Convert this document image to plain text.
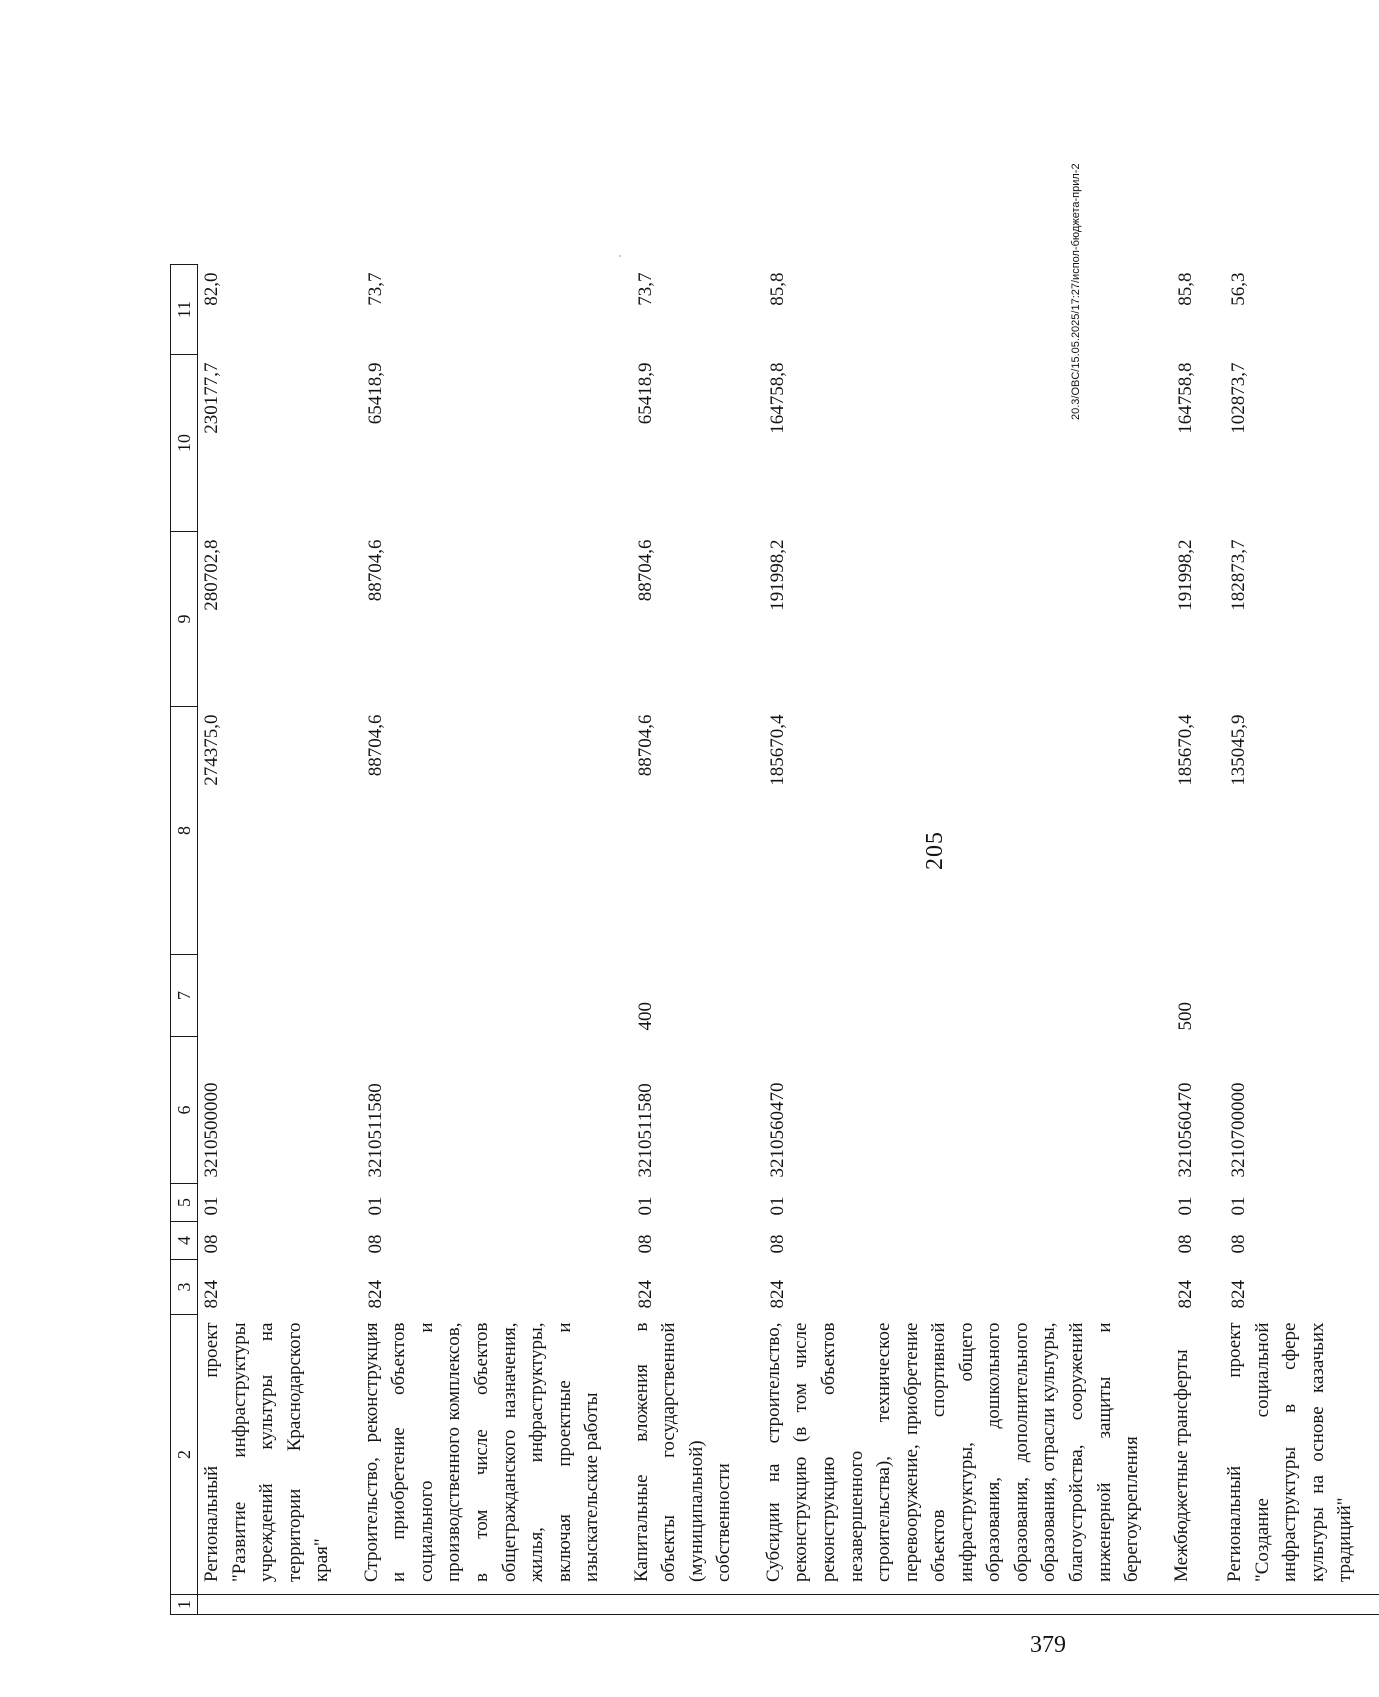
205
1	2	3	4	5	6	7	8	9	10	11
	Региональный проект "Развитие инфраструктуры учреждений культуры на территории Краснодарского края"	824	08	01	3210500000		274375,0	280702,8	230177,7	82,0
	Строительство, реконструкция и приобретение объектов социального и производственного комплексов, в том числе объектов общегражданского назначения, жилья, инфраструктуры, включая проектные и изыскательские работы	824	08	01	3210511580		88704,6	88704,6	65418,9	73,7
	Капитальные вложения в объекты государственной (муниципальной) собственности	824	08	01	3210511580	400	88704,6	88704,6	65418,9	73,7
	Субсидии на строительство, реконструкцию (в том числе реконструкцию объектов незавершенного строительства), техническое перевооружение, приобретение объектов спортивной инфраструктуры, общего образования, дошкольного образования, дополнительного образования, отрасли культуры, благоустройства, сооружений инженерной защиты и берегоукрепления	824	08	01	3210560470		185670,4	191998,2	164758,8	85,8
	Межбюджетные трансферты	824	08	01	3210560470	500	185670,4	191998,2	164758,8	85,8
	Региональный проект "Создание социальной инфраструктуры в сфере культуры на основе казачьих традиций"	824	08	01	3210700000		135045,9	182873,7	102873,7	56,3
20.3/OBC/15.05.2025/17:27/испол-бюджета-прил-2
379
